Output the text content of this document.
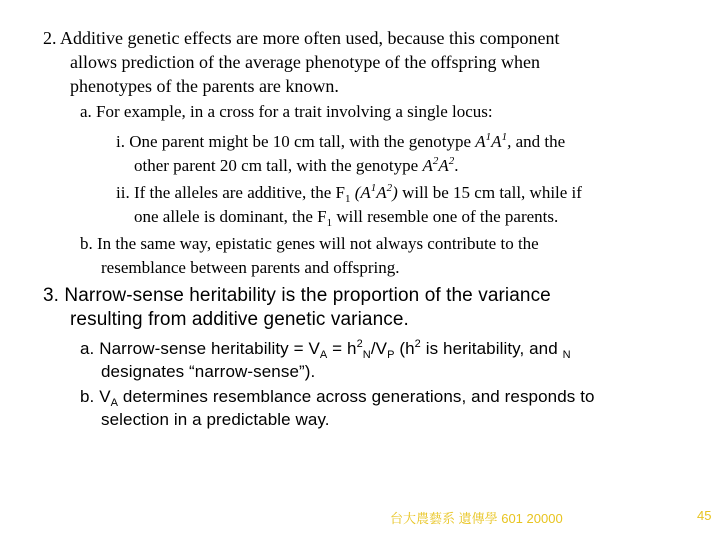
2. Additive genetic effects are more often used, because this component

allows prediction of the average phenotype of the offspring when

phenotypes of the parents are known.

a. For example, in a cross for a trait involving a single locus:

i. One parent might be 10 cm tall, with the genotype $A^1A^1$, and the

other parent 20 cm tall, with the genotype $A^2A^2$.

ii. If the alleles are additive, the $F_1$ $(A^1A^2)$ will be 15 cm tall, while if

one allele is dominant, the $F_1$ will resemble one of the parents.

b. In the same way, epistatic genes will not always contribute to the

resemblance between parents and offspring.

3. Narrow-sense heritability is the proportion of the variance

resulting from additive genetic variance.

a. Narrow-sense heritability = $V_A = h^2_N/V_P$ ($h^2$ is heritability, and $_N$

designates “narrow-sense”).

b. $V_A$ determines resemblance across generations, and responds to

selection in a predictable way.

台大農藝系 遺傳學 601 20000	45
